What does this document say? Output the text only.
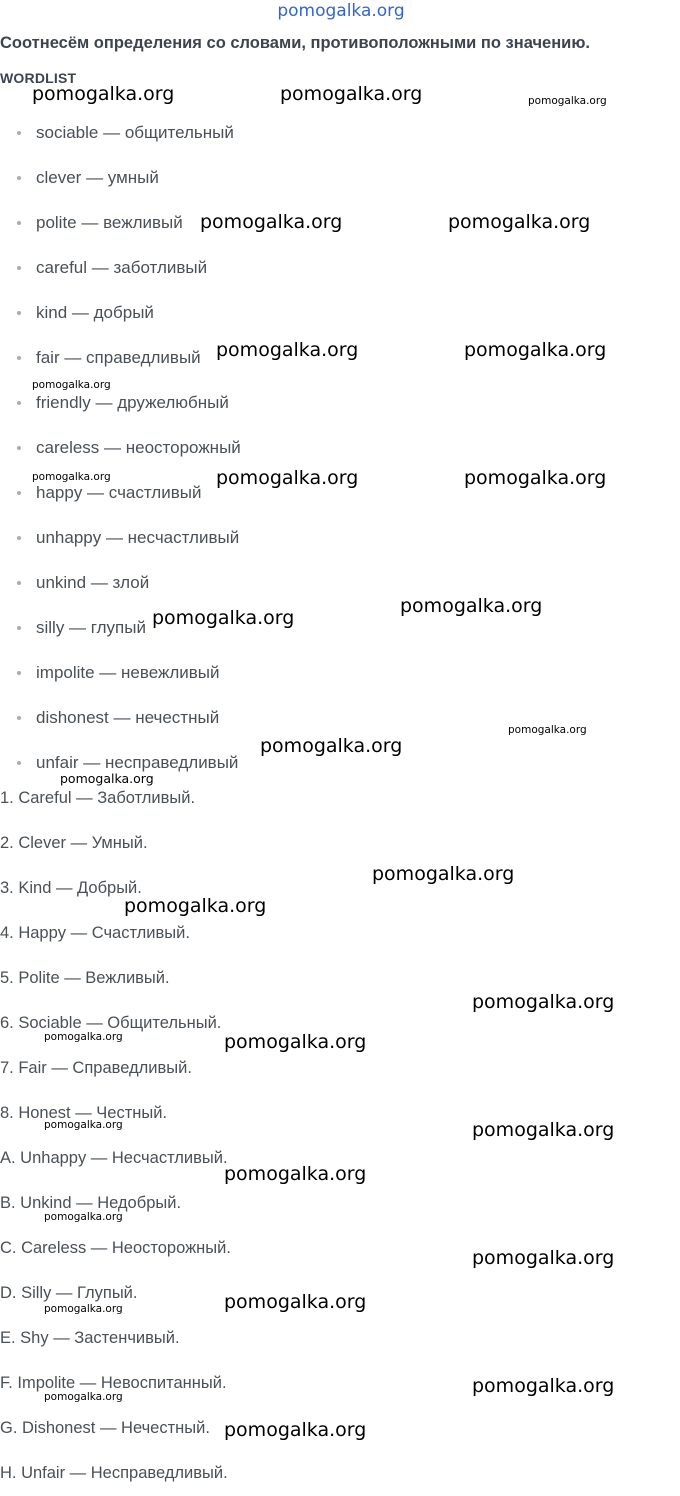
pomogalka.org
Соотнесём определения со словами, противоположными по значению.
WORDLIST
sociable — общительный
clever — умный
polite — вежливый
careful — заботливый
kind — добрый
fair — справедливый
friendly — дружелюбный
careless — неосторожный
happy — счастливый
unhappy — несчастливый
unkind — злой
silly — глупый
impolite — невежливый
dishonest — нечестный
unfair — несправедливый
1. Careful — Заботливый.
2. Clever — Умный.
3. Kind — Добрый.
4. Happy — Счастливый.
5. Polite — Вежливый.
6. Sociable — Общительный.
7. Fair — Справедливый.
8. Honest — Честный.
A. Unhappy — Несчастливый.
B. Unkind — Недобрый.
C. Careless — Неосторожный.
D. Silly — Глупый.
E. Shy — Застенчивый.
F. Impolite — Невоспитанный.
G. Dishonest — Нечестный.
H. Unfair — Несправедливый.
pomogalka.org	pomogalka.org	pomogalka.org
pomogalka.org	pomogalka.org
pomogalka.org	pomogalka.org
pomogalka.org
pomogalka.org	pomogalka.org	pomogalka.org
pomogalka.org
pomogalka.org
pomogalka.org
pomogalka.org
pomogalka.org
pomogalka.org
pomogalka.org
pomogalka.org
pomogalka.org	pomogalka.org
pomogalka.org	pomogalka.org
pomogalka.org
pomogalka.org
pomogalka.org
pomogalka.org
pomogalka.org
pomogalka.org
pomogalka.org
pomogalka.org
